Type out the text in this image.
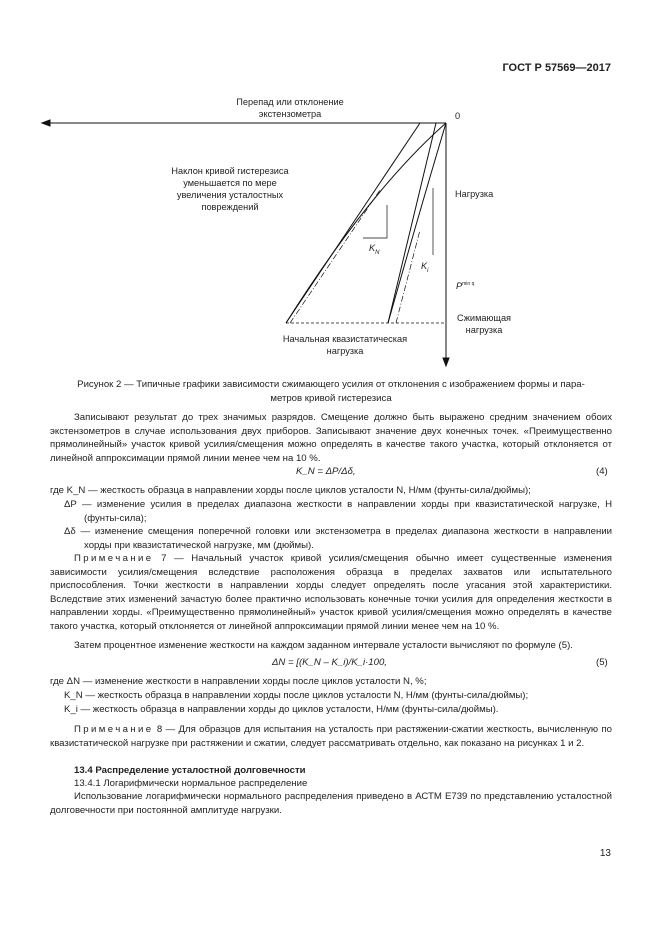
ГОСТ Р 57569—2017
Перепад или отклонение
экстензометра	0
Нагрузка
$P^{min q}$
Сжимающая
нагрузка
Начальная квазистатическая
нагрузка
Наклон кривой гистерезиса
уменьшается по мере
увеличения усталостных
повреждений
$K_N$
$K_i$
Рисунок 2 — Типичные графики зависимости сжимающего усилия от отклонения с изображением формы и пара-
метров кривой гистерезиса
Записывают результат до трех значимых разрядов. Смещение должно быть выражено средним значением обоих экстензометров в случае использования двух приборов. Записывают значение двух конечных точек. «Преимущественно прямолинейный» участок кривой усилия/смещения можно определять в качестве такого участка, который отклоняется от линейной аппроксимации прямой линии менее чем на 10 %.
K_N = ΔP/Δδ,	(4)
где K_N — жесткость образца в направлении хорды после циклов усталости N, Н/мм (фунты-сила/дюймы);
ΔP — изменение усилия в пределах диапазона жесткости в направлении хорды при квазистатической нагрузке, Н (фунты-сила);
Δδ — изменение смещения поперечной головки или экстензометра в пределах диапазона жесткости в направлении хорды при квазистатической нагрузке, мм (дюймы).
Примечание 7 — Начальный участок кривой усилия/смещения обычно имеет существенные изменения зависимости усилия/смещения вследствие расположения образца в пределах захватов или испытательного приспособления. Точки жесткости в направлении хорды следует определять после угасания этой характеристики. Вследствие этих изменений зачастую более практично использовать конечные точки усилия для определения жесткости в направлении хорды. «Преимущественно прямолинейный» участок кривой усилия/смещения можно определять в качестве такого участка, который отклоняется от линейной аппроксимации прямой линии менее чем на 10 %.
Затем процентное изменение жесткости на каждом заданном интервале усталости вычисляют по формуле (5).
ΔN = [(K_N – K_i)/K_i·100,	(5)
где ΔN — изменение жесткости в направлении хорды после циклов усталости N, %;
K_N — жесткость образца в направлении хорды после циклов усталости N, Н/мм (фунты-сила/дюймы);
K_i — жесткость образца в направлении хорды до циклов усталости, Н/мм (фунты-сила/дюймы).
Примечание 8 — Для образцов для испытания на усталость при растяжении-сжатии жесткость, вычисленную по квазистатической нагрузке при растяжении и сжатии, следует рассматривать отдельно, как показано на рисунках 1 и 2.
13.4 Распределение усталостной долговечности
13.4.1 Логарифмически нормальное распределение
Использование логарифмически нормального распределения приведено в АСТМ Е739 по представлению усталостной долговечности при постоянной амплитуде нагрузки.
13
